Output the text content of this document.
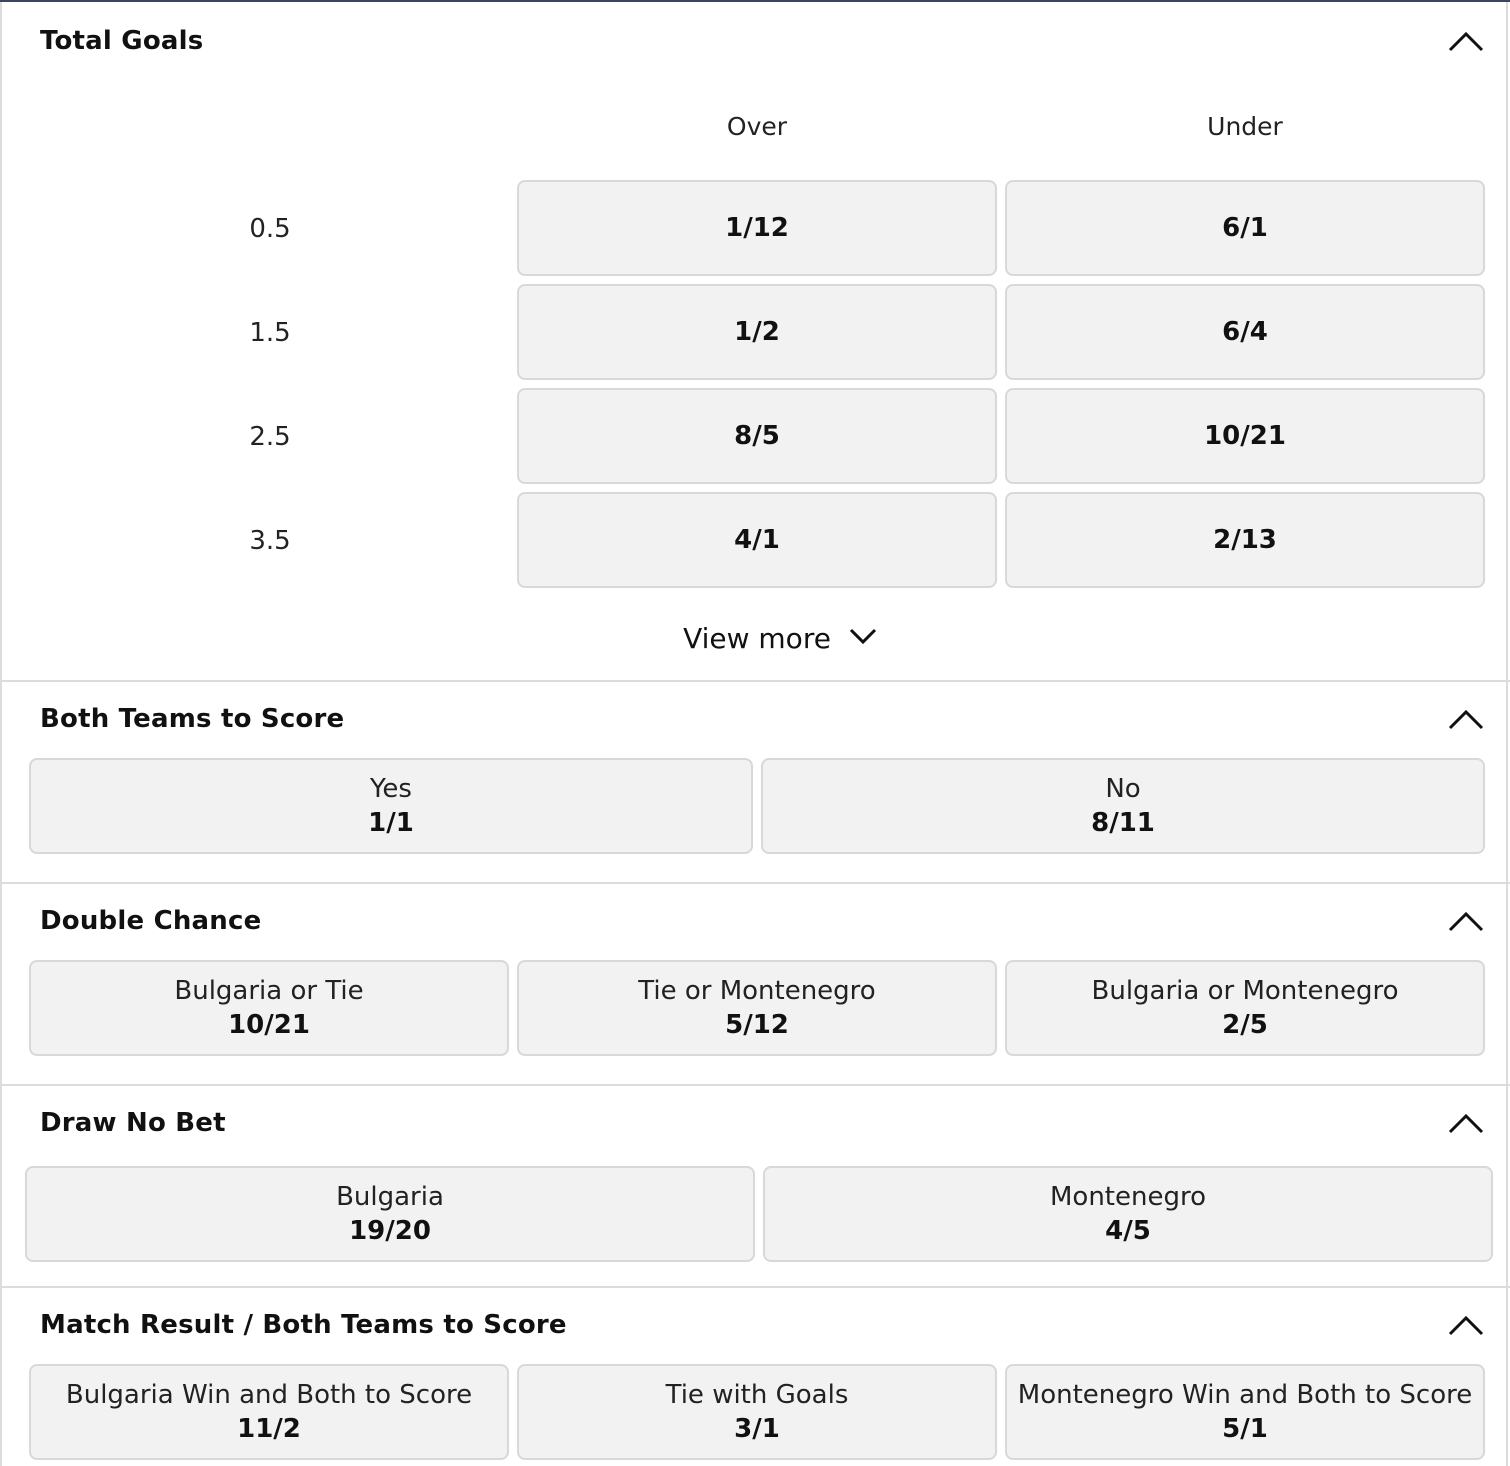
Total Goals
Over	Under
0.5	1/12	6/1
1.5	1/2	6/4
2.5	8/5	10/21
3.5	4/1	2/13
View more
Both Teams to Score
Yes
1/1
No
8/11
Double Chance
Bulgaria or Tie
10/21
Tie or Montenegro
5/12
Bulgaria or Montenegro
2/5
Draw No Bet
Bulgaria
19/20
Montenegro
4/5
Match Result / Both Teams to Score
Bulgaria Win and Both to Score
11/2
Tie with Goals
3/1
Montenegro Win and Both to Score
5/1
